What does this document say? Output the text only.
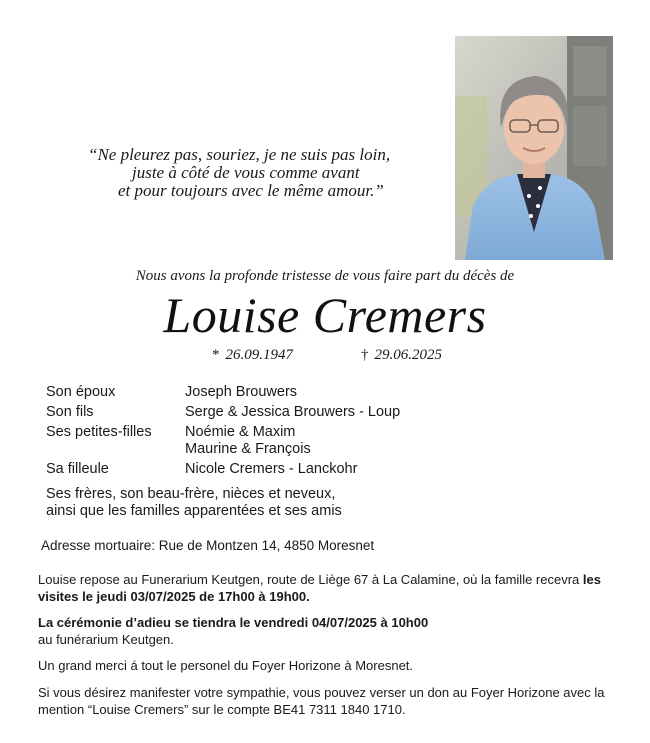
“Ne pleurez pas, souriez, je ne suis pas loin,
juste à côté de vous comme avant
et pour toujours avec le même amour.”
Nous avons la profonde tristesse de vous faire part du décès de
Louise Cremers
* 26.09.1947	† 29.06.2025
Son époux	Joseph Brouwers
Son fils	Serge & Jessica Brouwers - Loup
Ses petites-filles	Noémie & Maxim
Maurine & François
Sa filleule	Nicole Cremers - Lanckohr
Ses frères, son beau-frère, nièces et neveux,
ainsi que les familles apparentées et ses amis
Adresse mortuaire: Rue de Montzen 14, 4850 Moresnet
Louise repose au Funerarium Keutgen, route de Liège 67 à La Calamine, où la famille recevra les visites le jeudi 03/07/2025 de 17h00 à 19h00.
La cérémonie d’adieu se tiendra le vendredi 04/07/2025 à 10h00
au funérarium Keutgen.
Un grand merci á tout le personel du Foyer Horizone à Moresnet.
Si vous désirez manifester votre sympathie, vous pouvez verser un don au Foyer Horizone avec la mention “Louise Cremers” sur le compte BE41 7311 1840 1710.
